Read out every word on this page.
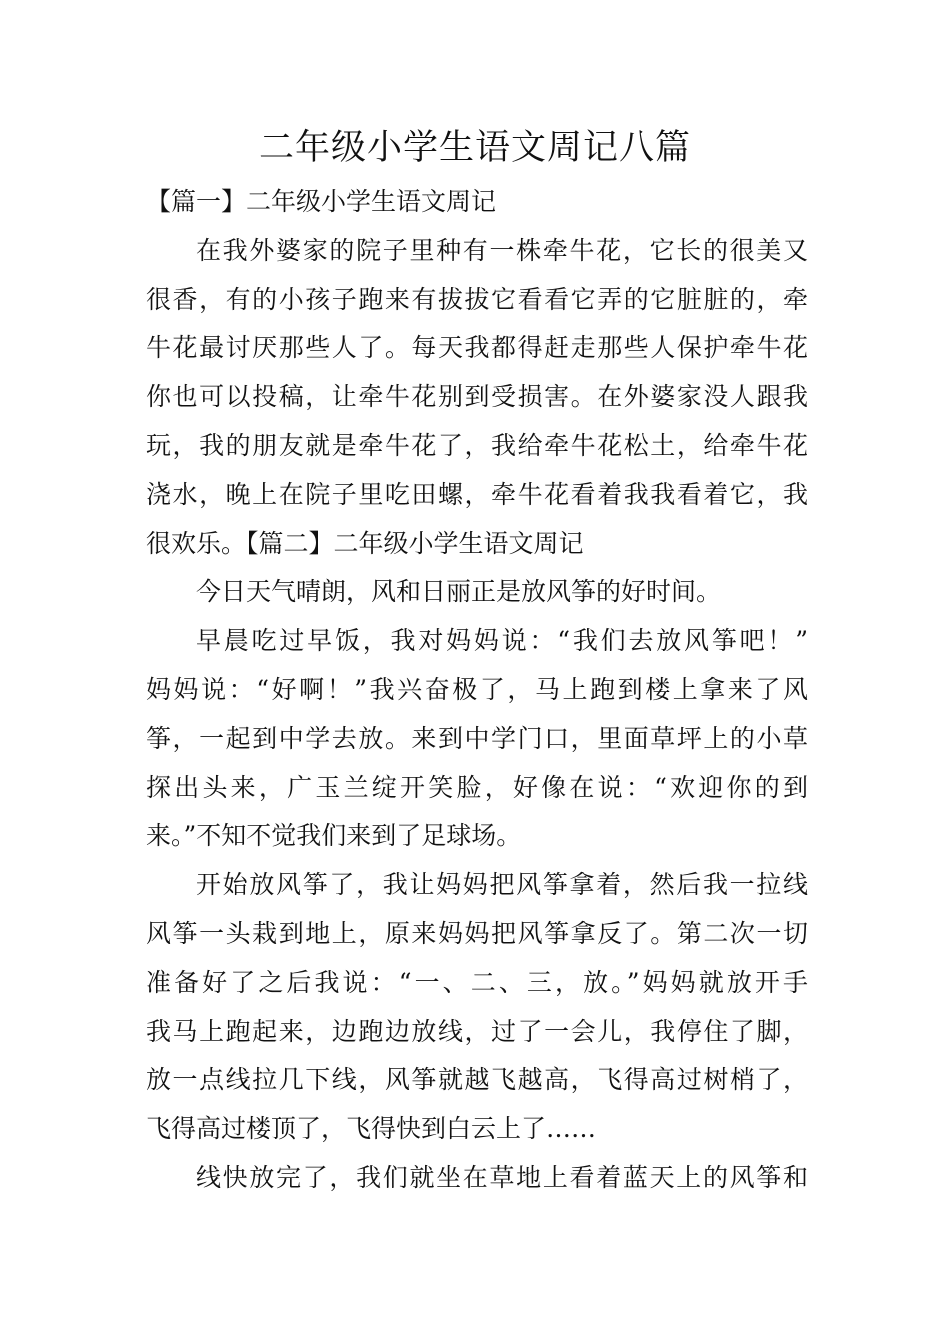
二年级小学生语文周记八篇
【篇一】二年级小学生语文周记
在我外婆家的院子里种有一株牵牛花，它长的很美又
很香，有的小孩子跑来有拔拔它看看它弄的它脏脏的，牵
牛花最讨厌那些人了。每天我都得赶走那些人保护牵牛花
你也可以投稿，让牵牛花别到受损害。在外婆家没人跟我
玩，我的朋友就是牵牛花了，我给牵牛花松土，给牵牛花
浇水，晚上在院子里吃田螺，牵牛花看着我我看着它，我
很欢乐。【篇二】二年级小学生语文周记
今日天气晴朗，风和日丽正是放风筝的好时间。
早晨吃过早饭，我对妈妈说：“我们去放风筝吧！”
妈妈说：“好啊！”我兴奋极了，马上跑到楼上拿来了风
筝，一起到中学去放。来到中学门口，里面草坪上的小草
探出头来，广玉兰绽开笑脸，好像在说：“欢迎你的到
来。”不知不觉我们来到了足球场。
开始放风筝了，我让妈妈把风筝拿着，然后我一拉线
风筝一头栽到地上，原来妈妈把风筝拿反了。第二次一切
准备好了之后我说：“一、二、三，放。”妈妈就放开手
我马上跑起来，边跑边放线，过了一会儿，我停住了脚，
放一点线拉几下线，风筝就越飞越高，飞得高过树梢了，
飞得高过楼顶了，飞得快到白云上了……
线快放完了，我们就坐在草地上看着蓝天上的风筝和
